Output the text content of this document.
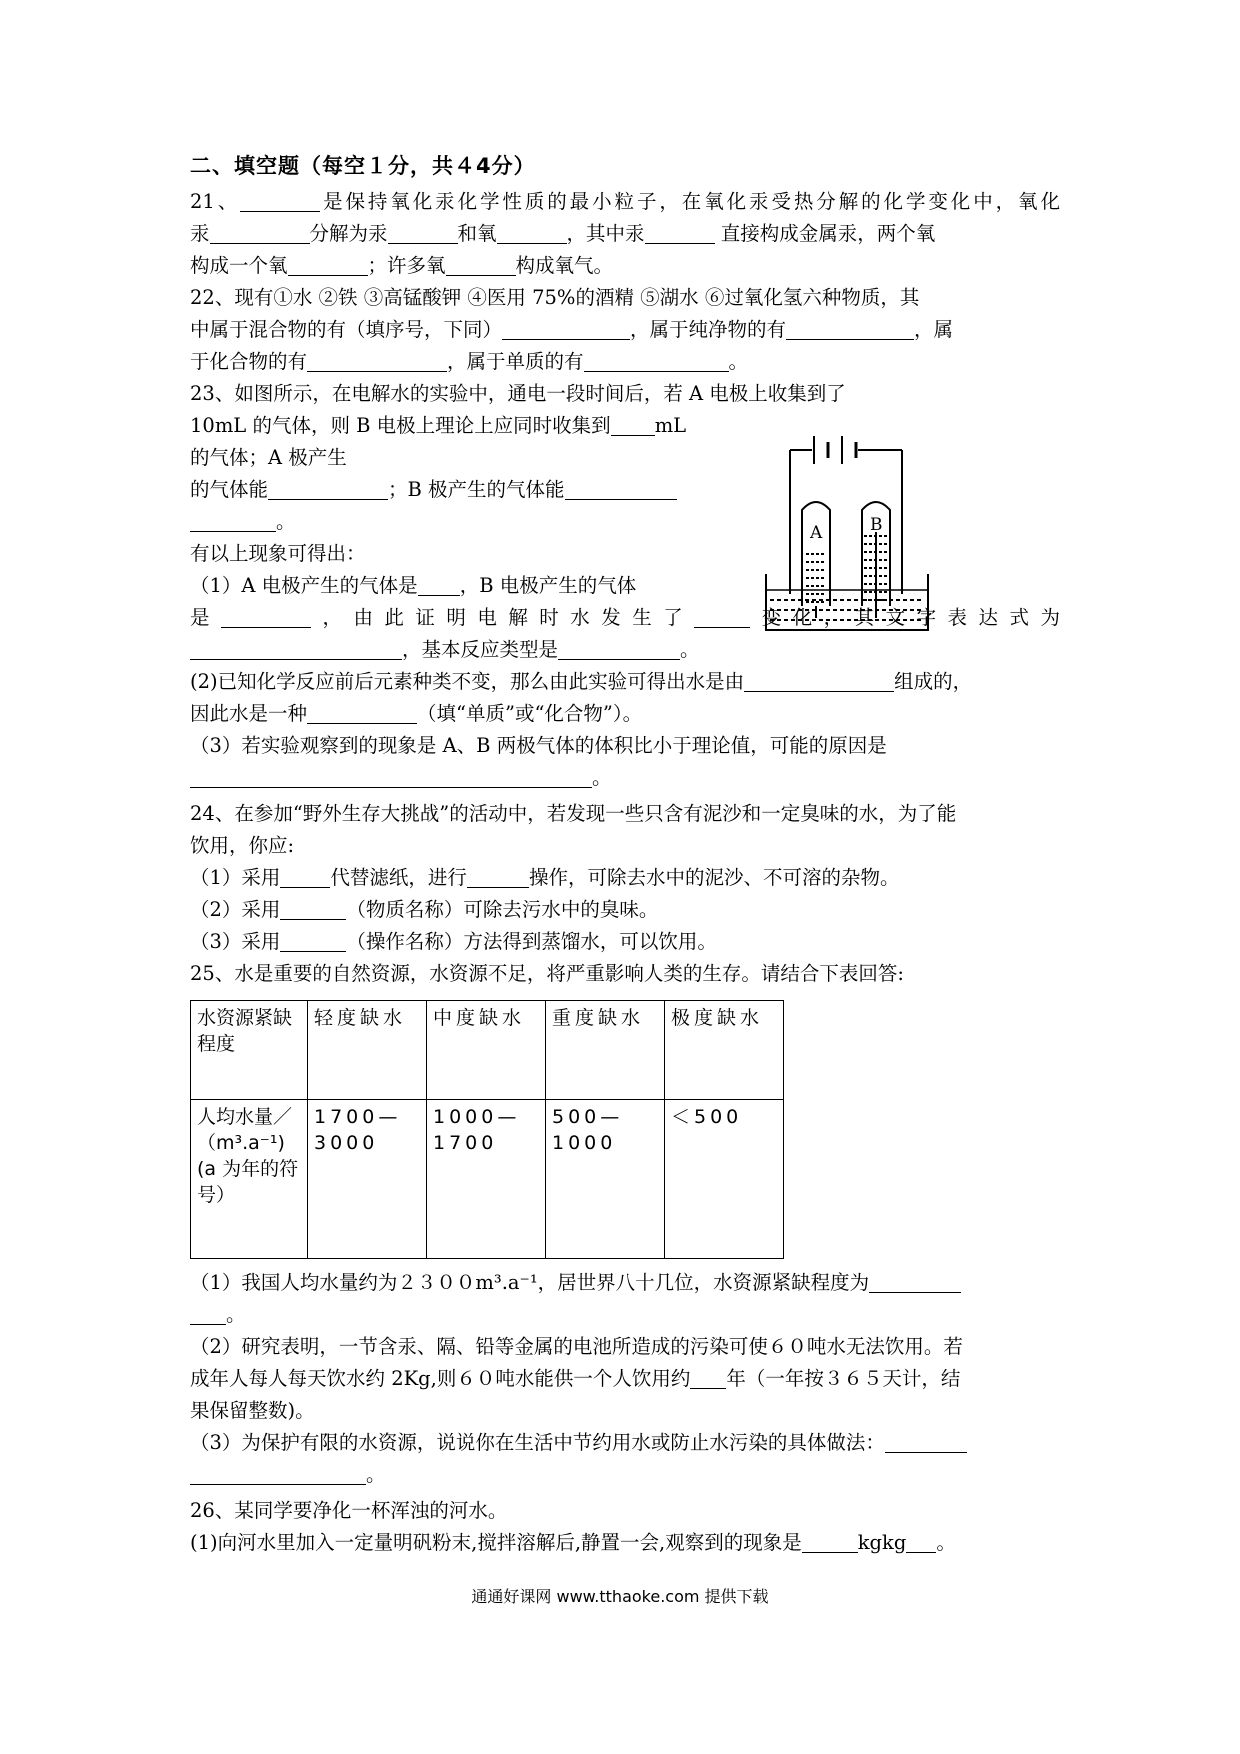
二、填空题（每空１分，共４4分）
21、	是保持氧化汞化学性质的最小粒子，在氧化汞受热分解的化学变化中，氧化
汞	分解为汞	和氧	，其中汞	直接构成金属汞，两个氧
构成一个氧	；许多氧	构成氧气。
22、现有①水 ②铁 ③高锰酸钾 ④医用 75%的酒精 ⑤湖水 ⑥过氧化氢六种物质，其
中属于混合物的有（填序号，下同）	，属于纯净物的有	，属
于化合物的有	，属于单质的有	。
23、如图所示，在电解水的实验中，通电一段时间后，若 A 电极上收集到了
10mL 的气体，则 B 电极上理论上应同时收集到 mL
的气体；A 极产生
的气体能	；B 极产生的气体能
。
有以上现象可得出：
（1）A 电极产生的气体是 ，B 电极产生的气体
A	B
是	，由此证明电解时水发生了	变化，其文字表达式为
，基本反应类型是	。
(2)已知化学反应前后元素种类不变，那么由此实验可得出水是由	组成的，
因此水是一种	（填“单质”或“化合物”）。
（3）若实验观察到的现象是 A、B 两极气体的体积比小于理论值，可能的原因是
。
24、在参加“野外生存大挑战”的活动中，若发现一些只含有泥沙和一定臭味的水，为了能
饮用，你应:
（1）采用	代替滤纸，进行	操作，可除去水中的泥沙、不可溶的杂物。
（2）采用	（物质名称）可除去污水中的臭味。
（3）采用	（操作名称）方法得到蒸馏水，可以饮用。
25、水是重要的自然资源，水资源不足，将严重影响人类的生存。请结合下表回答:
水资源紧缺程度	轻度缺水	中度缺水	重度缺水	极度缺水

人均水量／
（m³.a⁻¹)
(a 为年的符号）	1700—3000	1000—1700	500—1000	＜500
（1）我国人均水量约为２３００m³.a⁻¹，居世界八十几位，水资源紧缺程度为
。
（2）研究表明，一节含汞、隔、铅等金属的电池所造成的污染可使６０吨水无法饮用。若
成年人每人每天饮水约 2Kg,则６０吨水能供一个人饮用约 年（一年按３６５天计，结
果保留整数)。
（3）为保护有限的水资源，说说你在生活中节约用水或防止水污染的具体做法：
。
26、某同学要净化一杯浑浊的河水。
(1)向河水里加入一定量明矾粉末,搅拌溶解后,静置一会,观察到的现象是	kgkg 。
通通好课网 www.tthaoke.com 提供下载
